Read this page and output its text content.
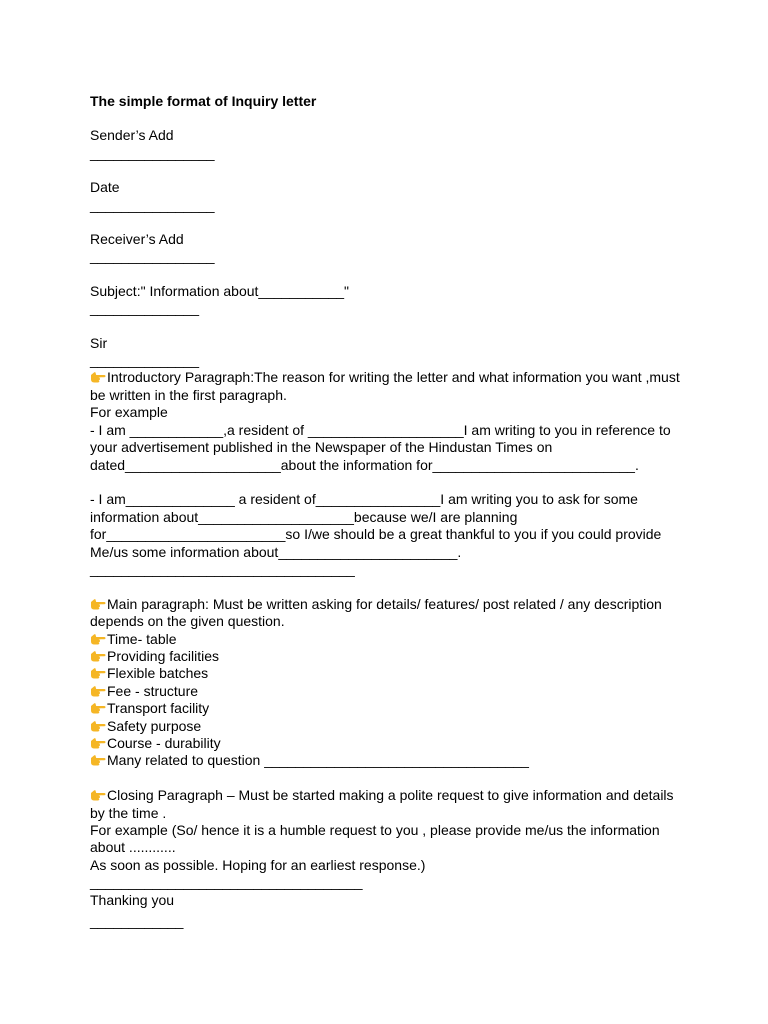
The simple format of Inquiry letter

Sender’s Add

________________

Date

________________

Receiver’s Add

________________

Subject:" Information about___________"

______________

Sir

______________

Introductory Paragraph:The reason for writing the letter and what information you want ,must

be written in the first paragraph.

For example

- I am ____________,a resident of ____________________I am writing to you in reference to

your advertisement published in the Newspaper of the Hindustan Times on

dated____________________about the information for__________________________.

- I am______________ a resident of________________I am writing you to ask for some

information about____________________because we/I are planning

for_______________________so I/we should be a great thankful to you if you could provide

Me/us some information about_______________________.

__________________________________

Main paragraph: Must be written asking for details/ features/ post related / any description

depends on the given question.

Time- table

Providing facilities

Flexible batches

Fee - structure

Transport facility

Safety purpose

Course - durability

Many related to question __________________________________

Closing Paragraph – Must be started making a polite request to give information and details

by the time .

For example (So/ hence it is a humble request to you , please provide me/us the information

about ............

As soon as possible. Hoping for an earliest response.)

___________________________________

Thanking you

____________
